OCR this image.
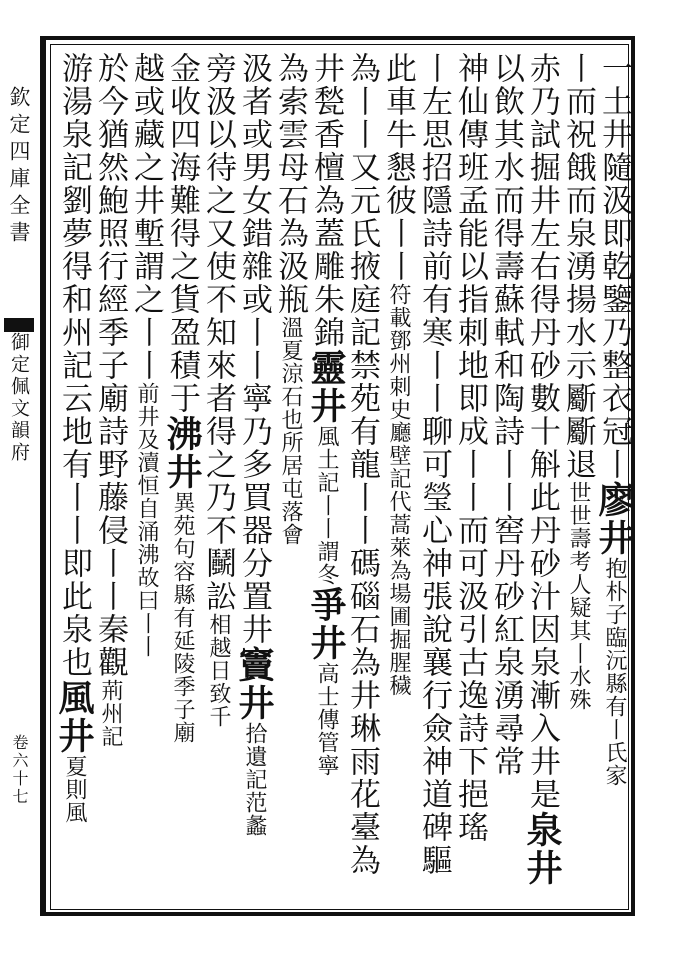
欽定四庫全書
御定佩文韻府
卷六十七
一土井隨汲即乾鑒乃整衣冠丨廖井抱朴子臨沅縣有丨氏家
丨而祝餓而泉湧揚水示斸斸退世世壽考人疑其丨水殊
赤乃試掘井左右得丹砂數十斛此丹砂汁因泉漸入井是泉井
以飲其水而得壽蘇軾和陶詩丨丨窖丹砂紅泉湧尋常
神仙傳班孟能以指刺地即成丨丨而可汲引古逸詩下挹瑤
丨左思招隱詩前有寒丨丨聊可瑩心神張說襄行僉神道碑驅
此車牛懇彼丨丨符載鄧州刺史廳壁記代蒿萊為場圃掘腥穢
為丨丨又元氏掖庭記禁苑有龍丨丨碼碯石為井琳雨花臺為
井甃香檀為蓋雕朱錦靈井風土記丨丨謂冬爭井高士傳管寧
為索雲母石為汲瓶溫夏涼石也所居屯落會
汲者或男女錯雜或丨丨寧乃多買器分置井竇井拾遺記范蠡
旁汲以待之又使不知來者得之乃不鬭訟相越日致千
金收四海難得之貨盈積于沸井異苑句容縣有延陵季子廟
越或藏之井塹謂之丨丨前井及瀆恒自涌沸故曰丨丨
於今猶然鮑照行經季子廟詩野藤侵丨丨秦觀荊州記
游湯泉記劉夢得和州記云地有丨丨即此泉也風井夏則風
